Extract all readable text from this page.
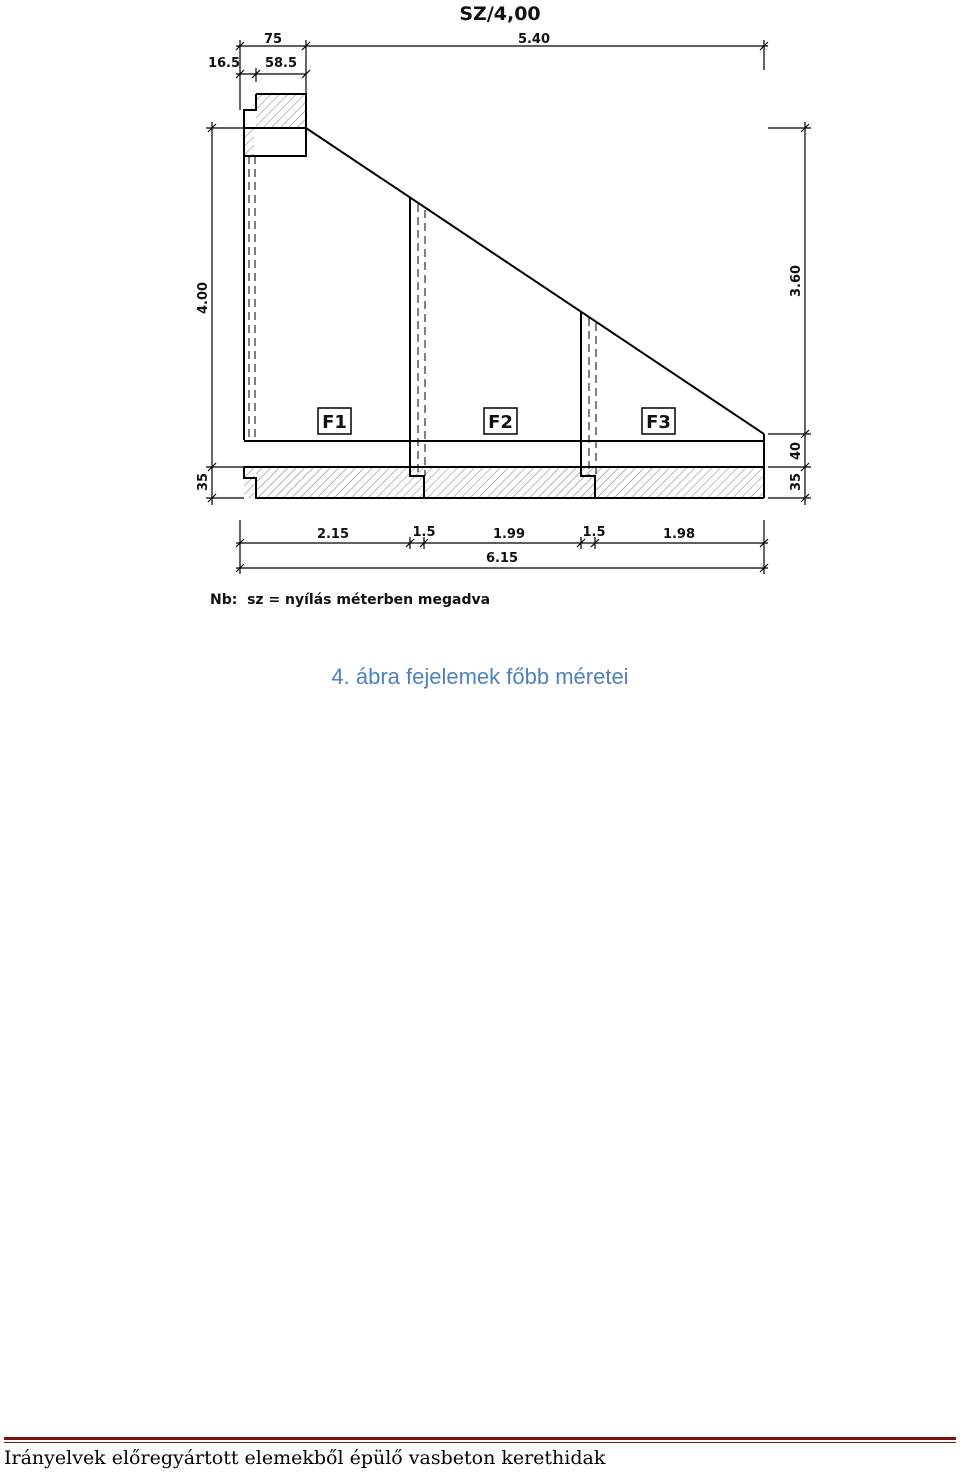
SZ/4,00
75	5.40
16.5 58.5
4.00
35
3.60
40
35
F1	F2	F3
2.15	1.5	1.99	1.5	1.98
6.15
Nb:  sz = nyílás méterben megadva

4. ábra fejelemek főbb méretei

Irányelvek előregyártott elemekből épülő vasbeton kerethidak
